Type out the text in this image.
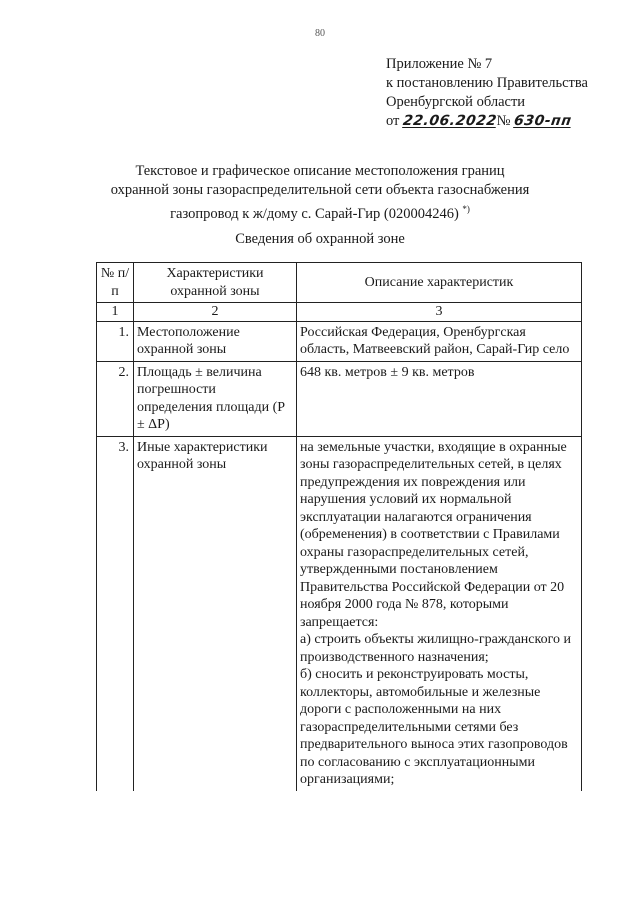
80
Приложение № 7
к постановлению Правительства
Оренбургской области
от 22.06.2022№ 630-пп
Текстовое и графическое описание местоположения границ
охранной зоны газораспределительной сети объекта газоснабжения
газопровод к ж/дому с. Сарай-Гир (020004246) *)
Сведения об охранной зоне
№ п/п	Характеристики охранной зоны	Описание характеристик
1	2	3
1.	Местоположение охранной зоны	Российская Федерация, Оренбургская область, Матвеевский район, Сарай-Гир село
2.	Площадь ± величина погрешности определения площади (Р ± ΔР)	648 кв. метров ± 9 кв. метров
3.	Иные характеристики охранной зоны	на земельные участки, входящие в охранные зоны газораспределительных сетей, в целях предупреждения их повреждения или нарушения условий их нормальной эксплуатации налагаются ограничения (обременения) в соответствии с Правилами охраны газораспределительных сетей, утвержденными постановлением Правительства Российской Федерации от 20 ноября 2000 года № 878, которыми запрещается:
а) строить объекты жилищно-гражданского и производственного назначения;
б) сносить и реконструировать мосты, коллекторы, автомобильные и железные дороги с расположенными на них газораспределительными сетями без предварительного выноса этих газопроводов по согласованию с эксплуатационными организациями;
